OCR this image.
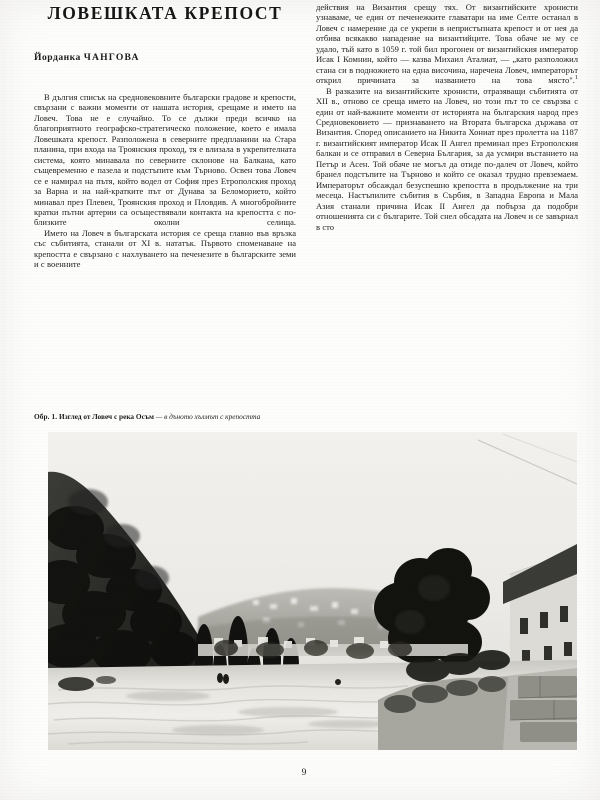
ЛОВЕШКАТА КРЕПОСТ
Йорданка ЧАНГОВА

В дългия списък на средновековните български градове и крепости, свързани с важни моменти от нашата история, срещаме и името на Ловеч. Това не е случайно. То се дължи преди всичко на благоприятното географско-стратегическо положение, което е имала Ловешката крепост. Разположена в северните предпланини на Стара планина, при входа на Троянския проход, тя е влизала в укрепителната система, която минавала по северните склонове на Балкана, като същевременно е пазела и подстъпите към Търново. Освен това Ловеч се е намирал на пътя, който водел от София през Етрополския проход за Варна и на най-кратките път от Дунава за Беломорието, който минавал през Плевен, Троянския проход и Пловдив. А многобройните кратки пътни артерии са осъществявали контакта на крепостта с по-близките околни селища.

Името на Ловеч в българската история се среща главно във връзка със събитията, станали от XI в. нататък. Първото споменаване на крепостта е свързано с нахлуването на печенезите в българските земи и с военните

действия на Византия срещу тях. От византийските хронисти узнаваме, че един от печенежките главатари на име Селте останал в Ловеч с намерение да се укрепи в непристъпната крепост и от нея да отбива всякакво нападение на византийците. Това обаче не му се удало, тъй като в 1059 г. той бил прогонен от византийския император Исак I Комнин, който — казва Михаил Аталиат, — „като разположил стана си в подножието на една височина, наречена Ловеч, императорът открил причината за названието на това място".$^1$

В разказите на византийските хронисти, отразяващи събитията от XII в., отново се среща името на Ловеч, но този път то се свързва с един от най-важните моменти от историята на българския народ през Средновековието — признаването на Втората българска държава от Византия. Според описанието на Никита Хониат през пролетта на 1187 г. византийският император Исак II Ангел преминал през Етрополския балкан и се отправил в Северна България, за да усмири въстанието на Петър и Асен. Той обаче не могъл да отиде по-далеч от Ловеч, който бранел подстъпите на Търново и който се оказал трудно превземаем. Императорът обсаждал безуспешно крепостта в продължение на три месеца. Настъпилите събития в Сърбия, в Западна Европа и Мала Азия станали причина Исак II Ангел да побърза да подобри отношенията си с българите. Той снел обсадата на Ловеч и се завърнал в сто

Обр. 1. Изглед от Ловеч с река Осъм — в дъното хълмът с крепостта
9
